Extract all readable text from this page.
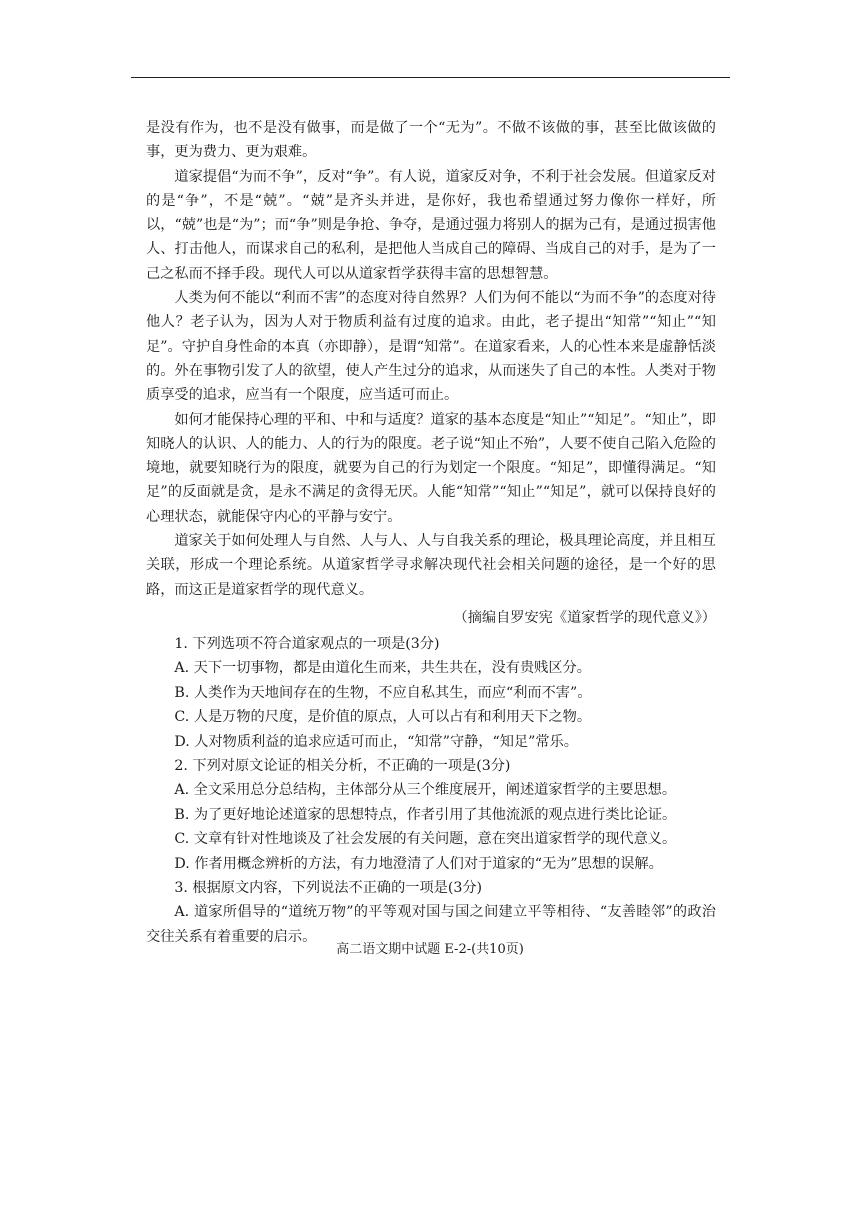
是没有作为，也不是没有做事，而是做了一个“无为”。不做不该做的事，甚至比做该做的事，更为费力、更为艰难。

道家提倡“为而不争”，反对“争”。有人说，道家反对争，不利于社会发展。但道家反对的是“争”，不是“兢”。“兢”是齐头并进，是你好，我也希望通过努力像你一样好，所以，“兢”也是“为”；而“争”则是争抢、争夺，是通过强力将别人的据为己有，是通过损害他人、打击他人，而谋求自己的私利，是把他人当成自己的障碍、当成自己的对手，是为了一己之私而不择手段。现代人可以从道家哲学获得丰富的思想智慧。

人类为何不能以“利而不害”的态度对待自然界？人们为何不能以“为而不争”的态度对待他人？老子认为，因为人对于物质利益有过度的追求。由此，老子提出“知常”“知止”“知足”。守护自身性命的本真（亦即静），是谓“知常”。在道家看来，人的心性本来是虚静恬淡的。外在事物引发了人的欲望，使人产生过分的追求，从而迷失了自己的本性。人类对于物质享受的追求，应当有一个限度，应当适可而止。

如何才能保持心理的平和、中和与适度？道家的基本态度是“知止”“知足”。“知止”，即知晓人的认识、人的能力、人的行为的限度。老子说“知止不殆”，人要不使自己陷入危险的境地，就要知晓行为的限度，就要为自己的行为划定一个限度。“知足”，即懂得满足。“知足”的反面就是贪，是永不满足的贪得无厌。人能“知常”“知止”“知足”，就可以保持良好的心理状态，就能保守内心的平静与安宁。

道家关于如何处理人与自然、人与人、人与自我关系的理论，极具理论高度，并且相互关联，形成一个理论系统。从道家哲学寻求解决现代社会相关问题的途径，是一个好的思路，而这正是道家哲学的现代意义。

（摘编自罗安宪《道家哲学的现代意义》）

1. 下列选项不符合道家观点的一项是(3分)

A. 天下一切事物，都是由道化生而来，共生共在，没有贵贱区分。

B. 人类作为天地间存在的生物，不应自私其生，而应“利而不害”。

C. 人是万物的尺度，是价值的原点，人可以占有和利用天下之物。

D. 人对物质利益的追求应适可而止，“知常”守静，“知足”常乐。

2. 下列对原文论证的相关分析，不正确的一项是(3分)

A. 全文采用总分总结构，主体部分从三个维度展开，阐述道家哲学的主要思想。

B. 为了更好地论述道家的思想特点，作者引用了其他流派的观点进行类比论证。

C. 文章有针对性地谈及了社会发展的有关问题，意在突出道家哲学的现代意义。

D. 作者用概念辨析的方法，有力地澄清了人们对于道家的“无为”思想的误解。

3. 根据原文内容，下列说法不正确的一项是(3分)

A. 道家所倡导的“道统万物”的平等观对国与国之间建立平等相待、“友善睦邻”的政治交往关系有着重要的启示。

高二语文期中试题 E-2-(共10页)
